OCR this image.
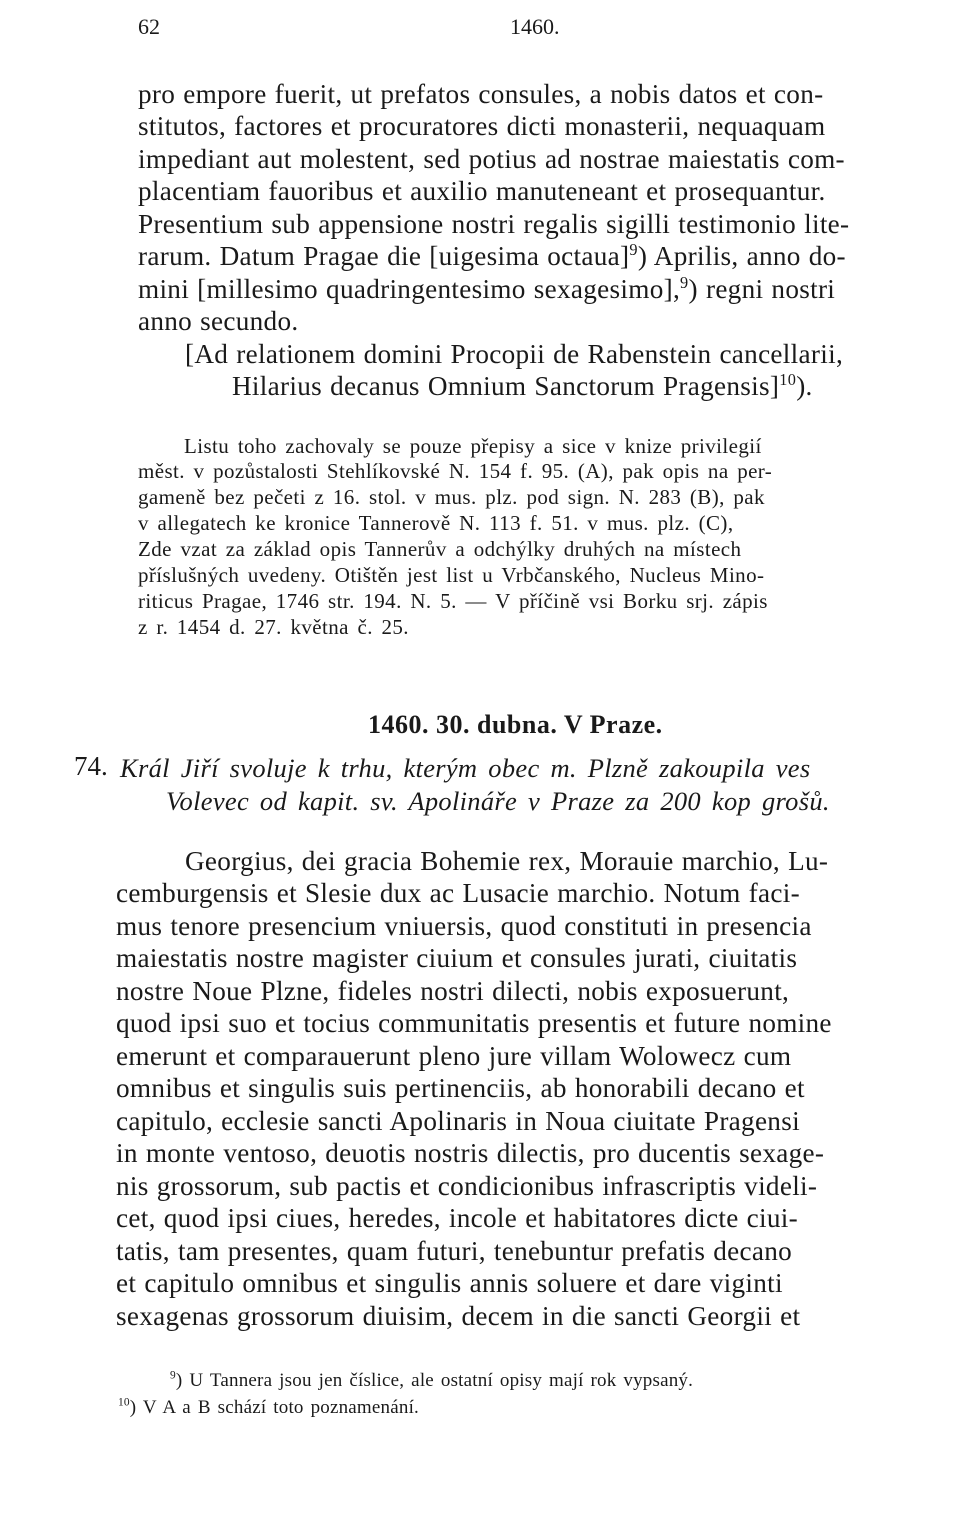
62	1460.
pro empore fuerit, ut prefatos consules, a nobis datos et con-
stitutos, factores et procuratores dicti monasterii, nequaquam
impediant aut molestent, sed potius ad nostrae maiestatis com-
placentiam fauoribus et auxilio manuteneant et prosequantur.
Presentium sub appensione nostri regalis sigilli testimonio lite-
rarum. Datum Pragae die [uigesima octaua]$^9$) Aprilis, anno do-
mini [millesimo quadringentesimo sexagesimo],$^9$) regni nostri
anno secundo.
[Ad relationem domini Procopii de Rabenstein cancellarii,
Hilarius decanus Omnium Sanctorum Pragensis]$^{10}$).
Listu toho zachovaly se pouze přepisy a sice v knize privilegií
měst. v pozůstalosti Stehlíkovské N. 154 f. 95. (A), pak opis na per-
gameně bez pečeti z 16. stol. v mus. plz. pod sign. N. 283 (B), pak
v allegatech ke kronice Tannerově N. 113 f. 51. v mus. plz. (C),
Zde vzat za základ opis Tannerův a odchýlky druhých na místech
příslušných uvedeny. Otištěn jest list u Vrbčanského, Nucleus Mino-
riticus Pragae, 1746 str. 194. N. 5. — V příčině vsi Borku srj. zápis
z r. 1454 d. 27. května č. 25.
1460. 30. dubna. V Praze.
74. Král Jiří svoluje k trhu, kterým obec m. Plzně zakoupila ves
Volevec od kapit. sv. Apolináře v Praze za 200 kop grošů.
Georgius, dei gracia Bohemie rex, Morauie marchio, Lu-
cemburgensis et Slesie dux ac Lusacie marchio. Notum faci-
mus tenore presencium vniuersis, quod constituti in presencia
maiestatis nostre magister ciuium et consules jurati, ciuitatis
nostre Noue Plzne, fideles nostri dilecti, nobis exposuerunt,
quod ipsi suo et tocius communitatis presentis et future nomine
emerunt et comparauerunt pleno jure villam Wolowecz cum
omnibus et singulis suis pertinenciis, ab honorabili decano et
capitulo, ecclesie sancti Apolinaris in Noua ciuitate Pragensi
in monte ventoso, deuotis nostris dilectis, pro ducentis sexage-
nis grossorum, sub pactis et condicionibus infrascriptis videli-
cet, quod ipsi ciues, heredes, incole et habitatores dicte ciui-
tatis, tam presentes, quam futuri, tenebuntur prefatis decano
et capitulo omnibus et singulis annis soluere et dare viginti
sexagenas grossorum diuisim, decem in die sancti Georgii et
$^9$) U Tannera jsou jen číslice, ale ostatní opisy mají rok vypsaný.
$^{10}$) V A a B schází toto poznamenání.
